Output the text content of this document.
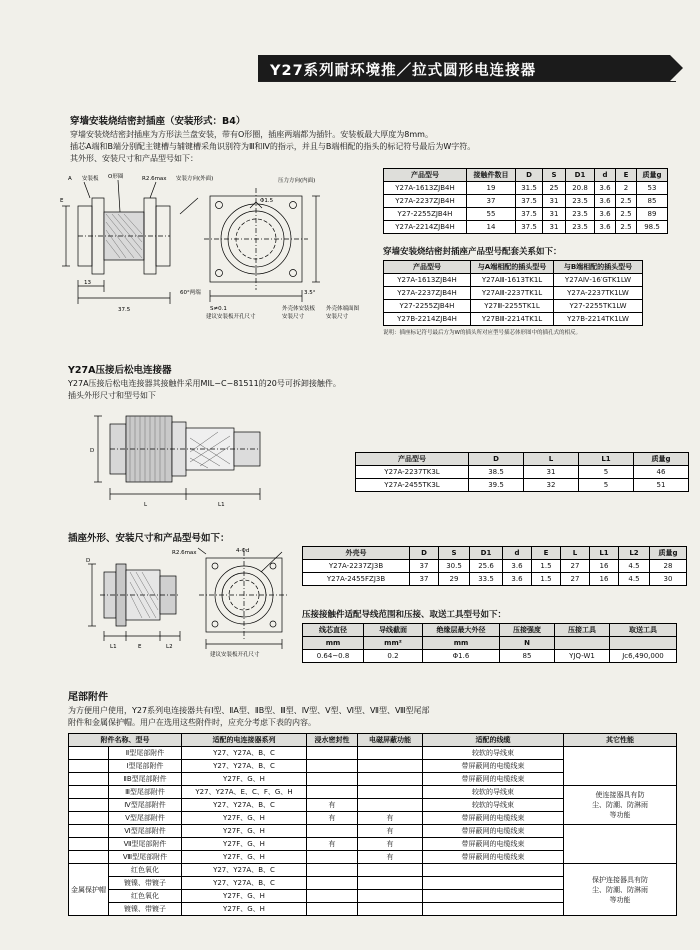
Y27系列耐环境推／拉式圆形电连接器
穿墙安装烧结密封插座（安装形式：B4）
穿墙安装烧结密封插座为方形法兰盘安装，带有O形圈，插座两端都为插针。安装板最大厚度为8mm。
插芯A端和B端分别配主键槽与辅键槽采角识别符为Ⅲ和Ⅳ的指示，并且与B端相配的指头的标记符号最后为W字符。
其外形、安装尺寸和产品型号如下：
产品型号	接触件数目	D	S	D1	d	E	质量g
Y27A-1613ZJB4H	19	31.5	25	20.8	3.6	2	53
Y27A-2237ZJB4H	37	37.5	31	23.5	3.6	2.5	85
Y27-2255ZJB4H	55	37.5	31	23.5	3.6	2.5	89
Y27A-2214ZJB4H	14	37.5	31	23.5	3.6	2.5	98.5
穿墙安装烧结密封插座产品型号配套关系如下：
产品型号	与A端相配的插头型号	与B端相配的插头型号
Y27A-1613ZJB4H	Y27AⅢ-1613TK1L	Y27AⅣ-16′GTK1LW
Y27A-2237ZJB4H	Y27AⅢ-2237TK1L	Y27A-2237TK1LW
Y27-2255ZJB4H	Y27Ⅲ-2255TK1L	Y27-2255TK1LW
Y27B-2214ZJB4H	Y27BⅢ-2214TK1L	Y27B-2214TK1LW
说明：插座标记符号最后方为W的插头所对应型号插芯体形图中的插孔式的相反。
A 安装板 O形圈	R2.6max 安装方向(外面)	压力方向(内面)
13
37.5
E
S≠0.1
60°两端
建议安装板开孔尺寸
外壳体安装板
安装尺寸
外壳体端面图
安装尺寸
Φ1.5
3.5°
Y27A压接后松电连接器
Y27A压接后松电连接器其接触件采用MIL−C−81511的20号可拆卸接触件。
插头外形尺寸和型号如下
L	L1
D
产品型号	D	L	L1	质量g
Y27A-2237TK3L	38.5	31	5	46
Y27A-2455TK3L	39.5	32	5	51
插座外形、安装尺寸和产品型号如下：
L1	E	L2
D
R2.6max	4-Φd
建议安装板开孔尺寸
外壳号	D	S	D1	d	E	L	L1	L2	质量g
Y27A-2237ZJ3B	37	30.5	25.6	3.6	1.5	27	16	4.5	28
Y27A-2455FZJ3B	37	29	33.5	3.6	1.5	27	16	4.5	30
压接接触件适配导线范围和压接、取送工具型号如下：
线芯直径	导线截面	绝缘层最大外径	压接强度	压接工具	取送工具
mm	mm²	mm	N		
0.64~0.8	0.2	Φ1.6	85	YJQ-W1	Jc6,490,000
尾部附件
为方便用户使用，Y27系列电连接器共有Ⅰ型、ⅡA型、ⅡB型、Ⅲ型、Ⅳ型、Ⅴ型、Ⅵ型、Ⅶ型、Ⅷ型尾部
附件和金属保护帽。用户在选用这些附件时，应充分考虑下表的内容。
附件名称、型号		适配的电连接器系列	浸水密封性	电磁屏蔽功能	适配的线缆	其它性能
	Ⅱ型尾部附件	Y27、Y27A、B、C			较软的导线束	
	Ⅰ型尾部附件	Y27、Y27A、B、C			带屏蔽网的电缆线束	
	ⅡB型尾部附件	Y27F、G、H			带屏蔽网的电缆线束	
	Ⅲ型尾部附件	Y27、Y27A、E、C、F、G、H			较软的导线束	使连接器具有防
尘、防潮、防淋雨
等功能

	Ⅳ型尾部附件	Y27、Y27A、B、C	有		较软的导线束	
	Ⅴ型尾部附件	Y27F、G、H	有	有	带屏蔽网的电缆线束	
	Ⅵ型尾部附件	Y27F、G、H		有	带屏蔽网的电缆线束	
	Ⅶ型尾部附件	Y27F、G、H	有	有	带屏蔽网的电缆线束	
	Ⅷ型尾部附件	Y27F、G、H		有	带屏蔽网的电缆线束	
金属保护帽	红色氧化	Y27、Y27A、B、C				保护连接器具有防
尘、防潮、防淋雨
等功能

	镀镍、带镀子	Y27、Y27A、B、C				
	红色氧化	Y27F、G、H				
	镀镍、带镀子	Y27F、G、H				
